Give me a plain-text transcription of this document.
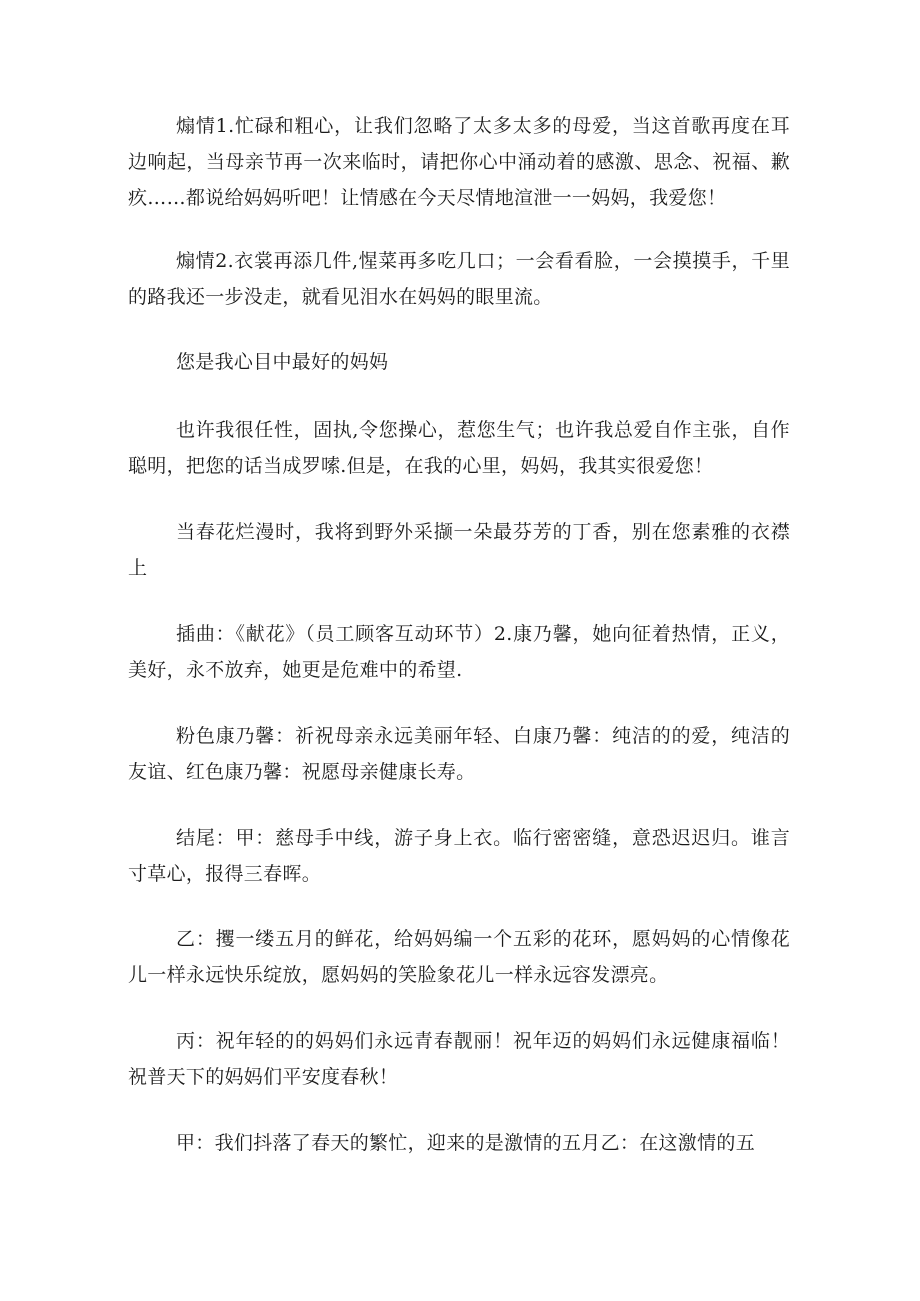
煽情1.忙碌和粗心，让我们忽略了太多太多的母爱，当这首歌再度在耳边响起，当母亲节再一次来临时，请把你心中涌动着的感激、思念、祝福、歉疚……都说给妈妈听吧！让情感在今天尽情地渲泄一一妈妈，我爱您！

煽情2.衣裳再添几件,惺菜再多吃几口；一会看看脸，一会摸摸手，千里的路我还一步没走，就看见泪水在妈妈的眼里流。

您是我心目中最好的妈妈

也许我很任性，固执,令您操心，惹您生气；也许我总爱自作主张，自作聪明，把您的话当成罗嗦.但是，在我的心里，妈妈，我其实很爱您！

当春花烂漫时，我将到野外采撷一朵最芬芳的丁香，别在您素雅的衣襟上

插曲：《献花》（员工顾客互动环节）2.康乃馨，她向征着热情，正义，美好，永不放弃，她更是危难中的希望.

粉色康乃馨：祈祝母亲永远美丽年轻、白康乃馨：纯洁的的爱，纯洁的友谊、红色康乃馨：祝愿母亲健康长寿。

结尾：甲：慈母手中线，游子身上衣。临行密密缝，意恐迟迟归。谁言寸草心，报得三春晖。

乙：攫一缕五月的鲜花，给妈妈编一个五彩的花环，愿妈妈的心情像花儿一样永远快乐绽放，愿妈妈的笑脸象花儿一样永远容发漂亮。

丙：祝年轻的的妈妈们永远青春靓丽！祝年迈的妈妈们永远健康福临！祝普天下的妈妈们平安度春秋！

甲：我们抖落了春天的繁忙，迎来的是激情的五月乙：在这激情的五
